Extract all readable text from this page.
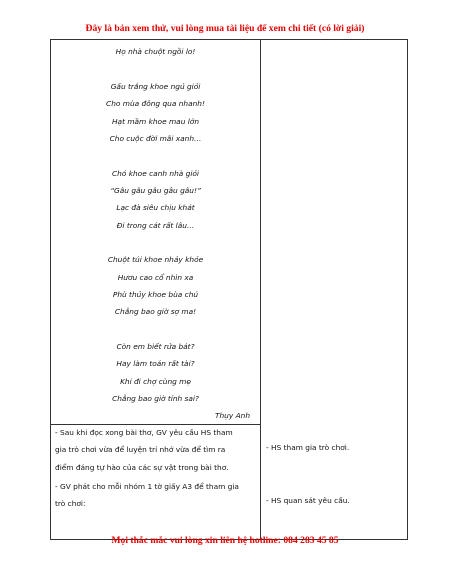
Đây là bản xem thử, vui lòng mua tài liệu để xem chi tiết (có lời giải)
Họ nhà chuột ngồi lo!
Gấu trắng khoe ngủ giỏi
Cho mùa đông qua nhanh!
Hạt mầm khoe mau lớn
Cho cuộc đời mãi xanh…
Chó khoe canh nhà giỏi
“Gâu gâu gâu gâu gâu!”
Lạc đà siêu chịu khát
Đi trong cát rất lâu…
Chuột túi khoe nhảy khỏe
Hươu cao cổ nhìn xa
Phù thủy khoe bùa chú
Chẳng bao giờ sợ ma!
Còn em biết rửa bát?
Hay làm toán rất tài?
Khi đi chợ cùng mẹ
Chẳng bao giờ tính sai?
Thụy Anh
- Sau khi đọc xong bài thơ, GV yêu cầu HS tham
gia trò chơi vừa để luyện trí nhớ vừa để tìm ra
điểm đáng tự hào của các sự vật trong bài thơ.
- GV phát cho mỗi nhóm 1 tờ giấy A3 để tham gia
trò chơi:
- HS tham gia trò chơi.
- HS quan sát yêu cầu.
Mọi thắc mắc vui lòng xin liên hệ hotline: 084 283 45 85
